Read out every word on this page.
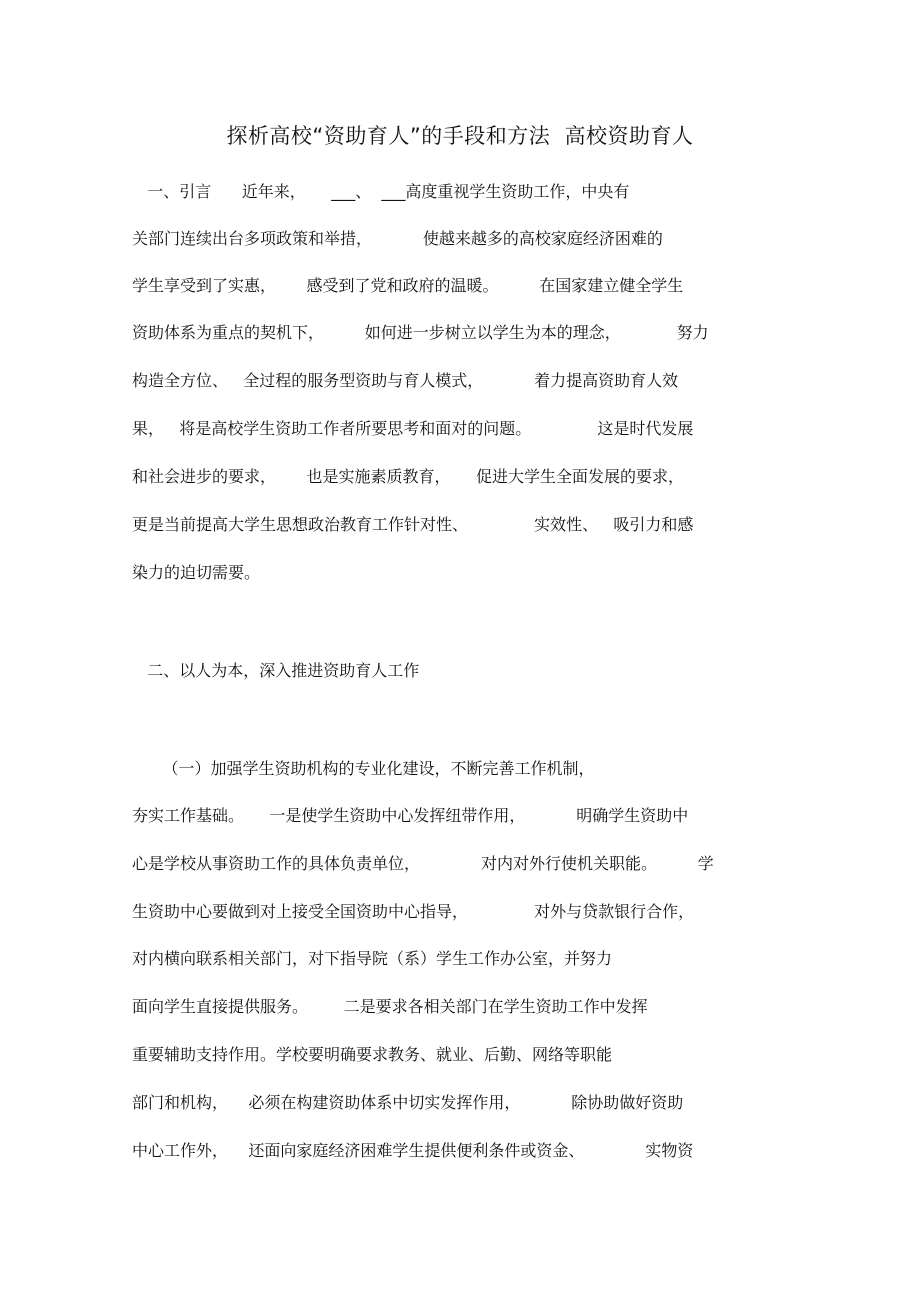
探析高校“资助育人”的手段和方法  高校资助育人
一、引言      近年来，     ___、  ___高度重视学生资助工作，中央有
关部门连续出台多项政策和举措，          使越来越多的高校家庭经济困难的
学生享受到了实惠，      感受到了党和政府的温暖。        在国家建立健全学生
资助体系为重点的契机下，        如何进一步树立以学生为本的理念，           努力
构造全方位、   全过程的服务型资助与育人模式，          着力提高资助育人效
果，   将是高校学生资助工作者所要思考和面对的问题。             这是时代发展
和社会进步的要求，      也是实施素质教育，     促进大学生全面发展的要求，
更是当前提高大学生思想政治教育工作针对性、             实效性、   吸引力和感
染力的迫切需要。
二、以人为本，深入推进资助育人工作
（一）加强学生资助机构的专业化建设，不断完善工作机制，
夯实工作基础。     一是使学生资助中心发挥纽带作用，          明确学生资助中
心是学校从事资助工作的具体负责单位，            对内对外行使机关职能。        学
生资助中心要做到对上接受全国资助中心指导，             对外与贷款银行合作，
对内横向联系相关部门，对下指导院（系）学生工作办公室，并努力
面向学生直接提供服务。       二是要求各相关部门在学生资助工作中发挥
重要辅助支持作用。学校要明确要求教务、就业、后勤、网络等职能
部门和机构，    必须在构建资助体系中切实发挥作用，          除协助做好资助
中心工作外，    还面向家庭经济困难学生提供便利条件或资金、            实物资
